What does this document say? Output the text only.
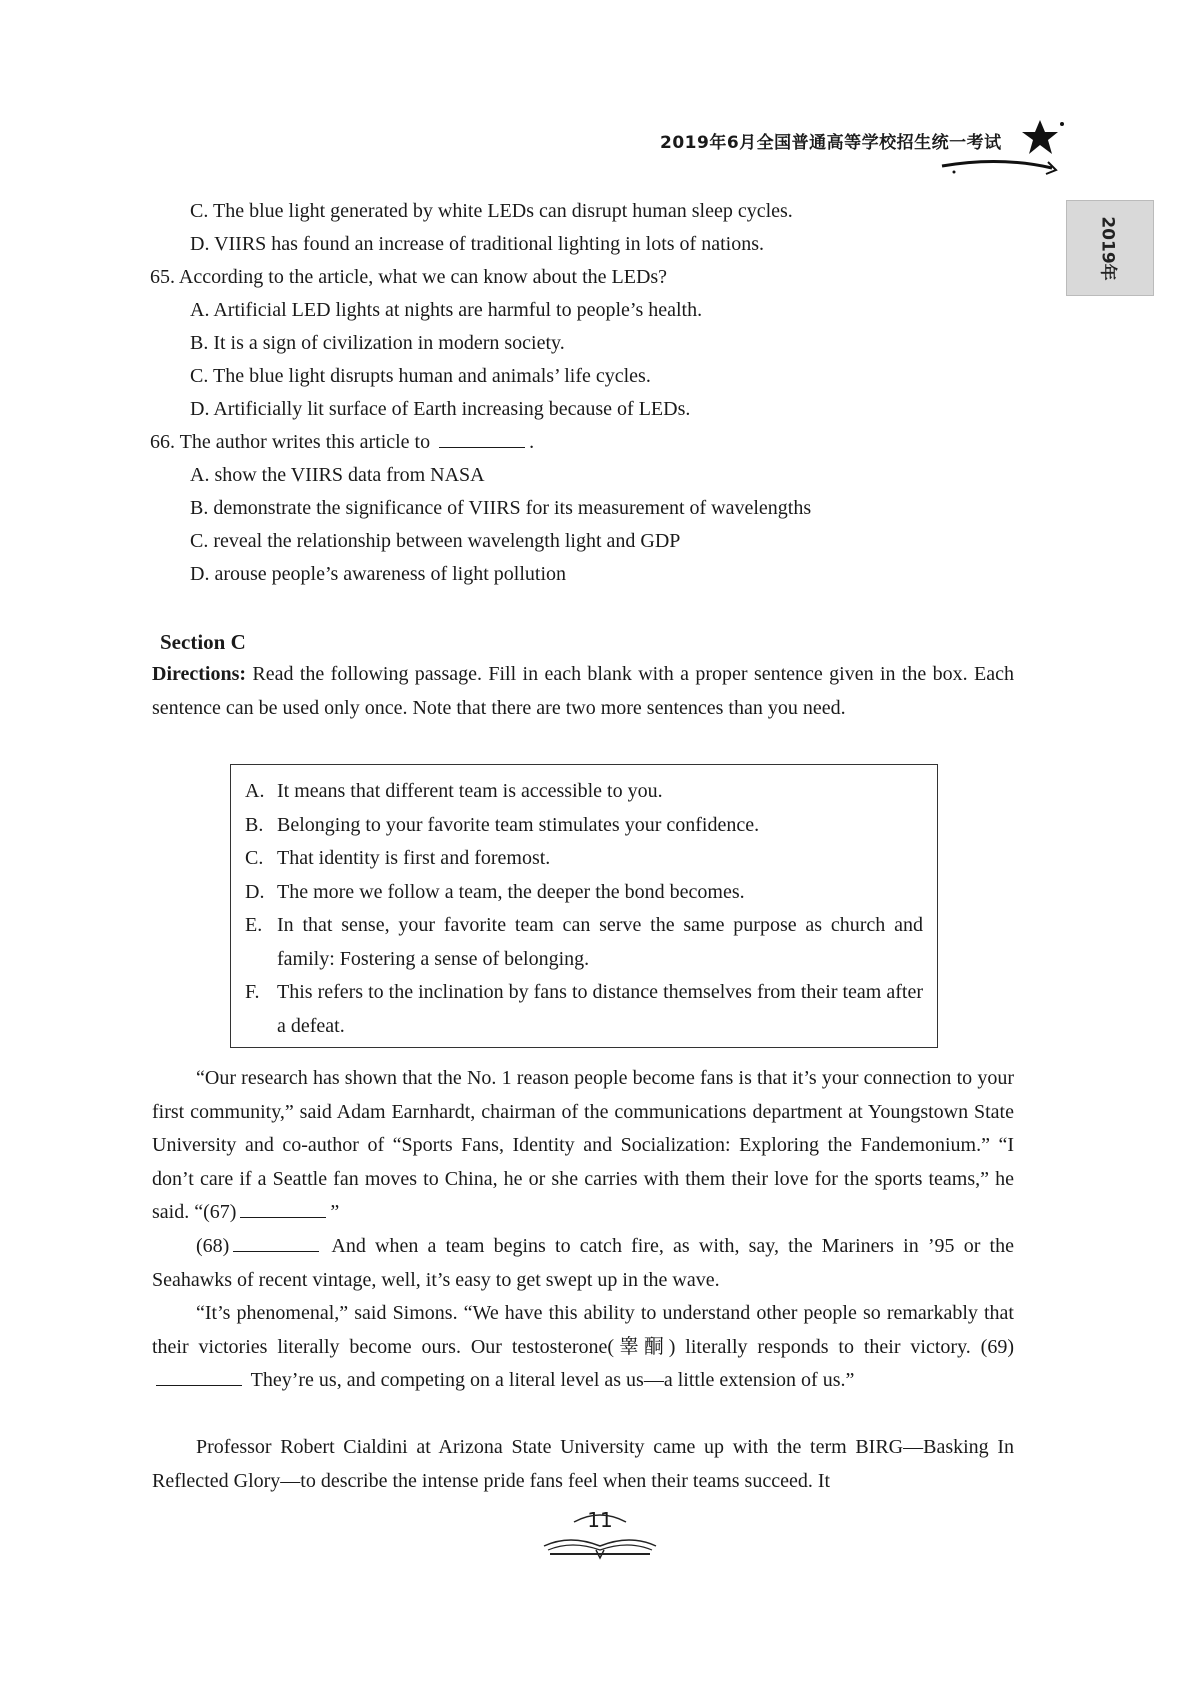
2019年6月全国普通高等学校招生统一考试
2019年
C. The blue light generated by white LEDs can disrupt human sleep cycles.
D. VIIRS has found an increase of traditional lighting in lots of nations.
65. According to the article, what we can know about the LEDs?
A. Artificial LED lights at nights are harmful to people’s health.
B. It is a sign of civilization in modern society.
C. The blue light disrupts human and animals’ life cycles.
D. Artificially lit surface of Earth increasing because of LEDs.
66. The author writes this article to	.
A. show the VIIRS data from NASA
B. demonstrate the significance of VIIRS for its measurement of wavelengths
C. reveal the relationship between wavelength light and GDP
D. arouse people’s awareness of light pollution
Section C
Directions: Read the following passage. Fill in each blank with a proper sentence given in the box. Each sentence can be used only once. Note that there are two more sentences than you need.
A. It means that different team is accessible to you.
B. Belonging to your favorite team stimulates your confidence.
C. That identity is first and foremost.
D. The more we follow a team, the deeper the bond becomes.
E. In that sense, your favorite team can serve the same purpose as church and family: Fostering a sense of belonging.
F. This refers to the inclination by fans to distance themselves from their team after a defeat.
“Our research has shown that the No. 1 reason people become fans is that it’s your connection to your first community,” said Adam Earnhardt, chairman of the communications department at Youngstown State University and co-author of “Sports Fans, Identity and Socialization: Exploring the Fandemonium.” “I don’t care if a Seattle fan moves to China, he or she carries with them their love for the sports teams,” he said. “(67)	”
(68)	And when a team begins to catch fire, as with, say, the Mariners in ’95 or the Seahawks of recent vintage, well, it’s easy to get swept up in the wave.
“It’s phenomenal,” said Simons. “We have this ability to understand other people so remarkably that their victories literally become ours. Our testosterone(睾酮) literally responds to their victory. (69) They’re us, and competing on a literal level as us—a little extension of us.”
Professor Robert Cialdini at Arizona State University came up with the term BIRG—Basking In Reflected Glory—to describe the intense pride fans feel when their teams succeed. It
11
